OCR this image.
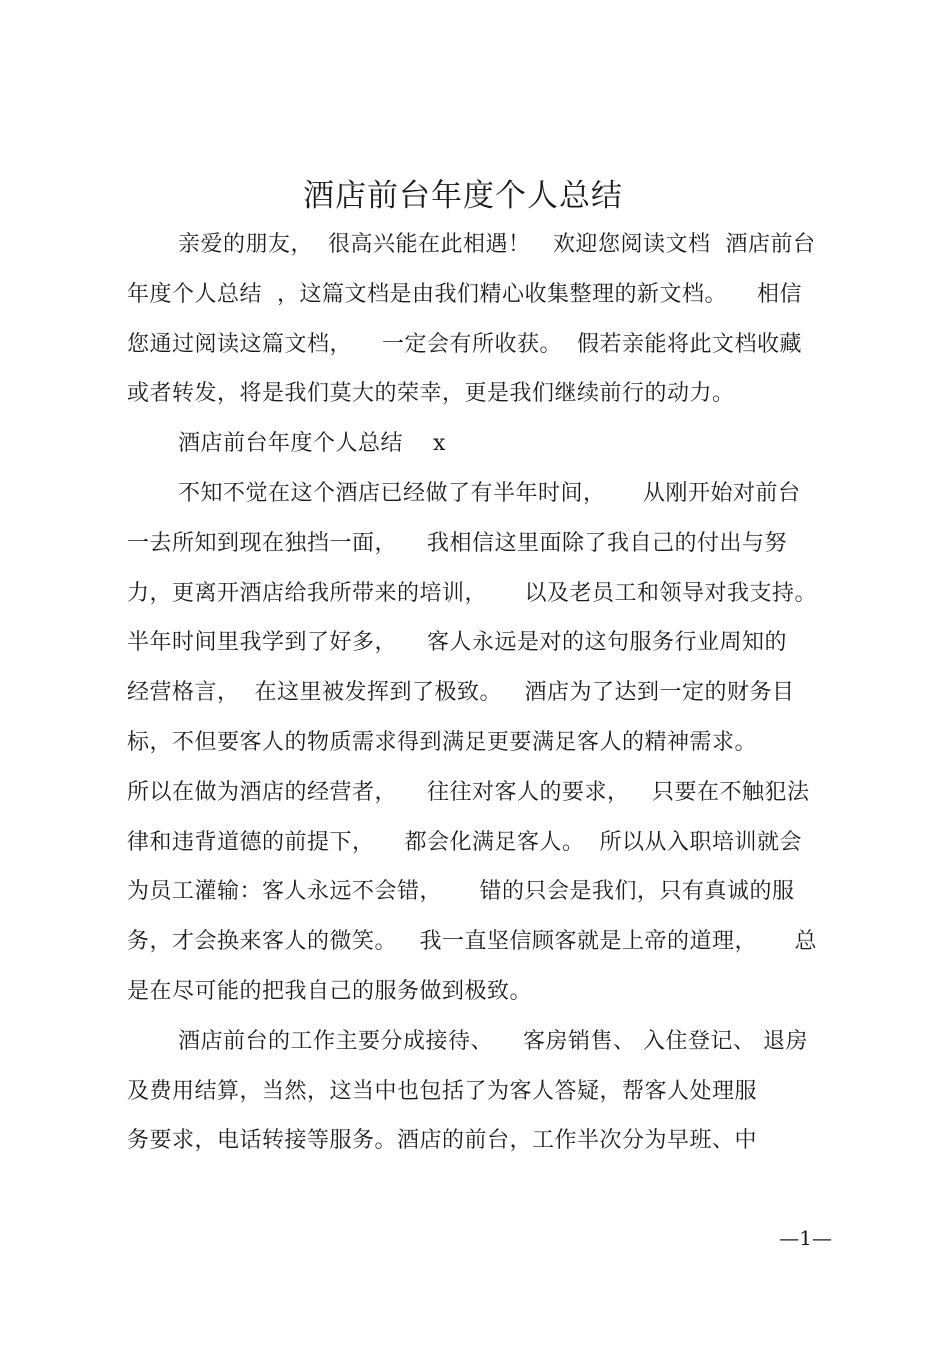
酒店前台年度个人总结
亲爱的朋友，  很高兴能在此相遇！   欢迎您阅读文档  酒店前台
年度个人总结  ，这篇文档是由我们精心收集整理的新文档。    相信
您通过阅读这篇文档，    一定会有所收获。  假若亲能将此文档收藏
或者转发，将是我们莫大的荣幸，更是我们继续前行的动力。
酒店前台年度个人总结    x
不知不觉在这个酒店已经做了有半年时间，     从刚开始对前台
一去所知到现在独挡一面，    我相信这里面除了我自己的付出与努
力，更离开酒店给我所带来的培训，     以及老员工和领导对我支持。
半年时间里我学到了好多，    客人永远是对的这句服务行业周知的
经营格言，  在这里被发挥到了极致。   酒店为了达到一定的财务目
标，不但要客人的物质需求得到满足更要满足客人的精神需求。
所以在做为酒店的经营者，    往往对客人的要求，   只要在不触犯法
律和违背道德的前提下，    都会化满足客人。  所以从入职培训就会
为员工灌输：客人永远不会错，     错的只会是我们，只有真诚的服
务，才会换来客人的微笑。   我一直坚信顾客就是上帝的道理，     总
是在尽可能的把我自己的服务做到极致。
酒店前台的工作主要分成接待、    客房销售、 入住登记、 退房
及费用结算，当然，这当中也包括了为客人答疑，帮客人处理服
务要求，电话转接等服务。酒店的前台，工作半次分为早班、中
—1—
